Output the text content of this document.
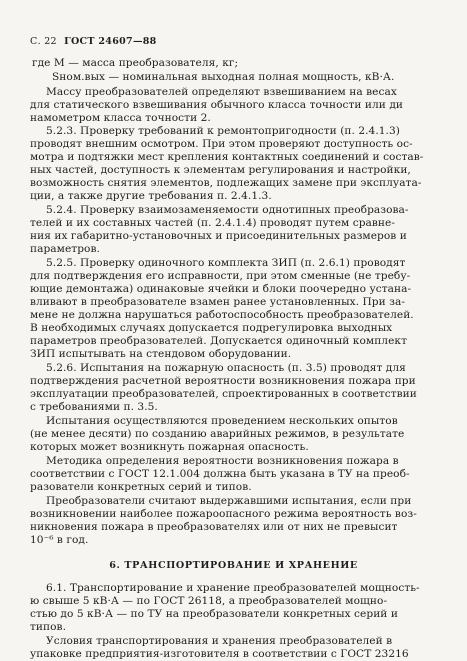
С. 22 ГОСТ 24607—88
где M — масса преобразователя, кг;
Sном.вых — номинальная выходная полная мощность, кВ·А.
Массу преобразователей определяют взвешиванием на весах
для статического взвешивания обычного класса точности или ди
намометром класса точности 2.
5.2.3. Проверку требований к ремонтопригодности (п. 2.4.1.3)
проводят внешним осмотром. При этом проверяют доступность ос-
мотра и подтяжки мест крепления контактных соединений и состав-
ных частей, доступность к элементам регулирования и настройки,
возможность снятия элементов, подлежащих замене при эксплуата-
ции, а также другие требования п. 2.4.1.3.
5.2.4. Проверку взаимозаменяемости однотипных преобразова-
телей и их составных частей (п. 2.4.1.4) проводят путем сравне-
ния их габаритно-установочных и присоединительных размеров и
параметров.
5.2.5. Проверку одиночного комплекта ЗИП (п. 2.6.1) проводят
для подтверждения его исправности, при этом сменные (не требу-
ющие демонтажа) одинаковые ячейки и блоки поочередно устана-
вливают в преобразователе взамен ранее установленных. При за-
мене не должна нарушаться работоспособность преобразователей.
В необходимых случаях допускается подрегулировка выходных
параметров преобразователей. Допускается одиночный комплект
ЗИП испытывать на стендовом оборудовании.
5.2.6. Испытания на пожарную опасность (п. 3.5) проводят для
подтверждения расчетной вероятности возникновения пожара при
эксплуатации преобразователей, спроектированных в соответствии
с требованиями п. 3.5.
Испытания осуществляются проведением нескольких опытов
(не менее десяти) по созданию аварийных режимов, в результате
которых может возникнуть пожарная опасность.
Методика определения вероятности возникновения пожара в
соответствии с ГОСТ 12.1.004 должна быть указана в ТУ на преоб-
разователи конкретных серий и типов.
Преобразователи считают выдержавшими испытания, если при
возникновении наиболее пожароопасного режима вероятность воз-
никновения пожара в преобразователях или от них не превысит
10⁻⁶ в год.
6. ТРАНСПОРТИРОВАНИЕ И ХРАНЕНИЕ
6.1. Транспортирование и хранение преобразователей мощность-
ю свыше 5 кВ·А — по ГОСТ 26118, а преобразователей мощно-
стью до 5 кВ·А — по ТУ на преобразователи конкретных серий и
типов.
Условия транспортирования и хранения преобразователей в
упаковке предприятия-изготовителя в соответствии с ГОСТ 23216
